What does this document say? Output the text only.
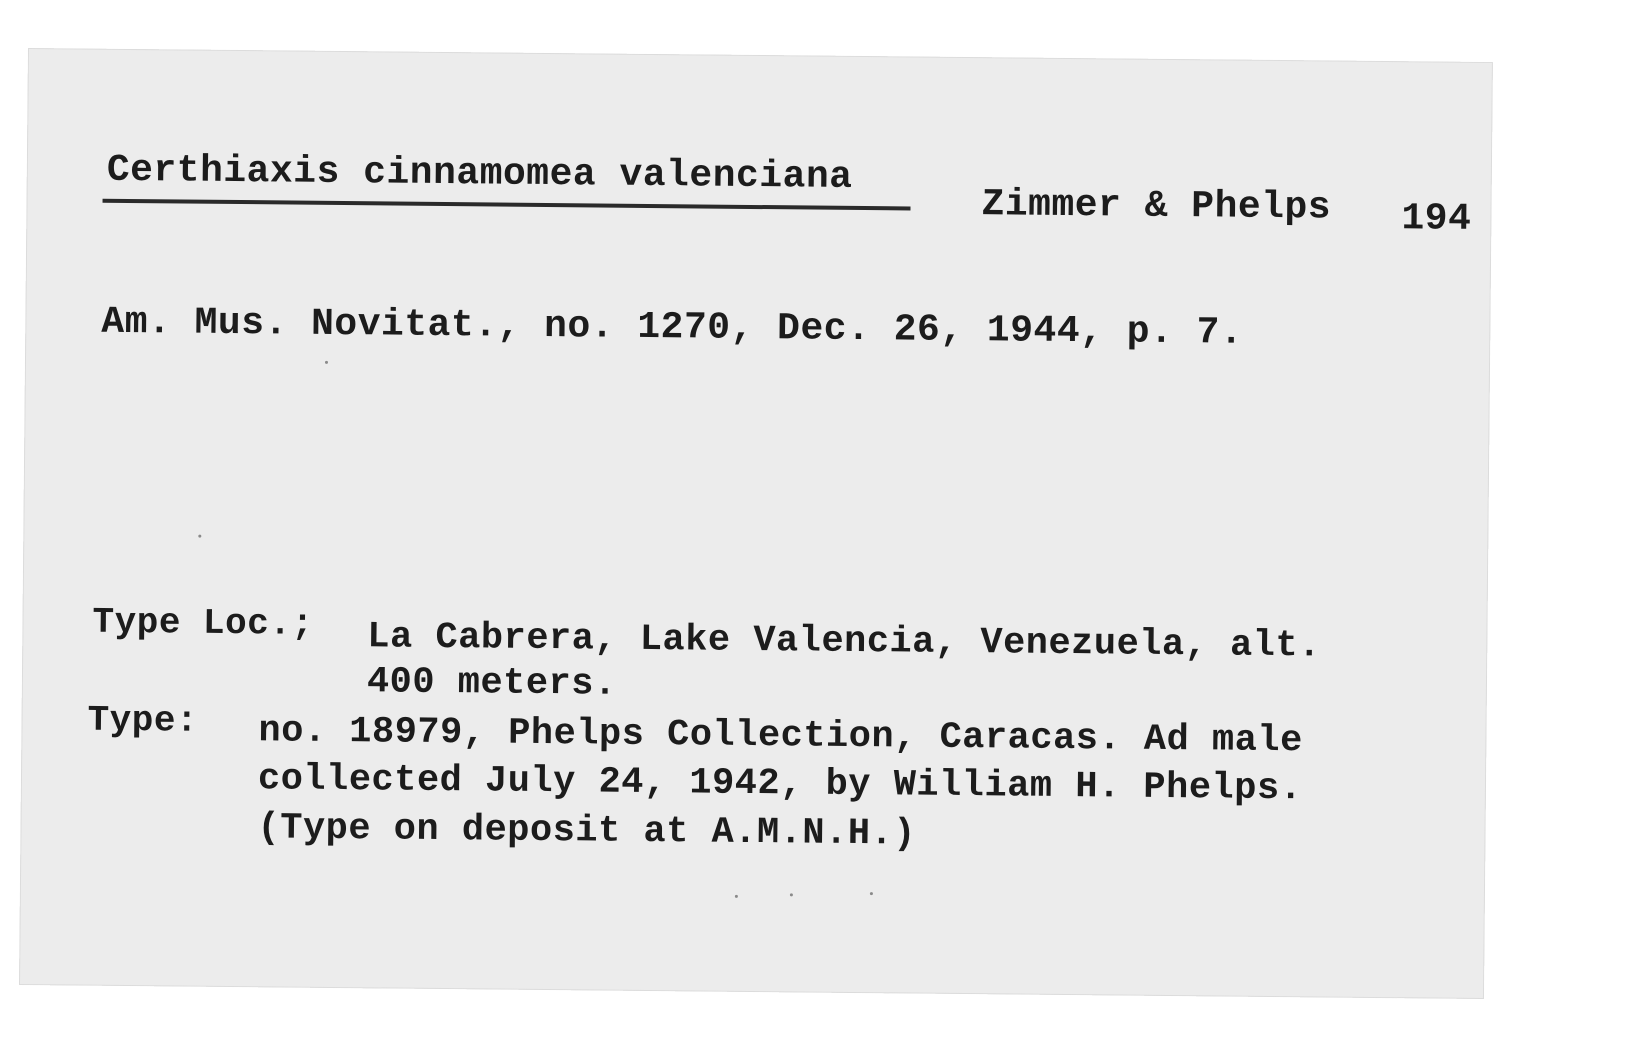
Certhiaxis cinnamomea valenciana
Zimmer & Phelps 194
Am. Mus. Novitat., no. 1270, Dec. 26, 1944, p. 7.
Type Loc.; La Cabrera, Lake Valencia, Venezuela, alt.
400 meters.
Type: no. 18979, Phelps Collection, Caracas. Ad male
collected July 24, 1942, by William H. Phelps.
(Type on deposit at A.M.N.H.)
